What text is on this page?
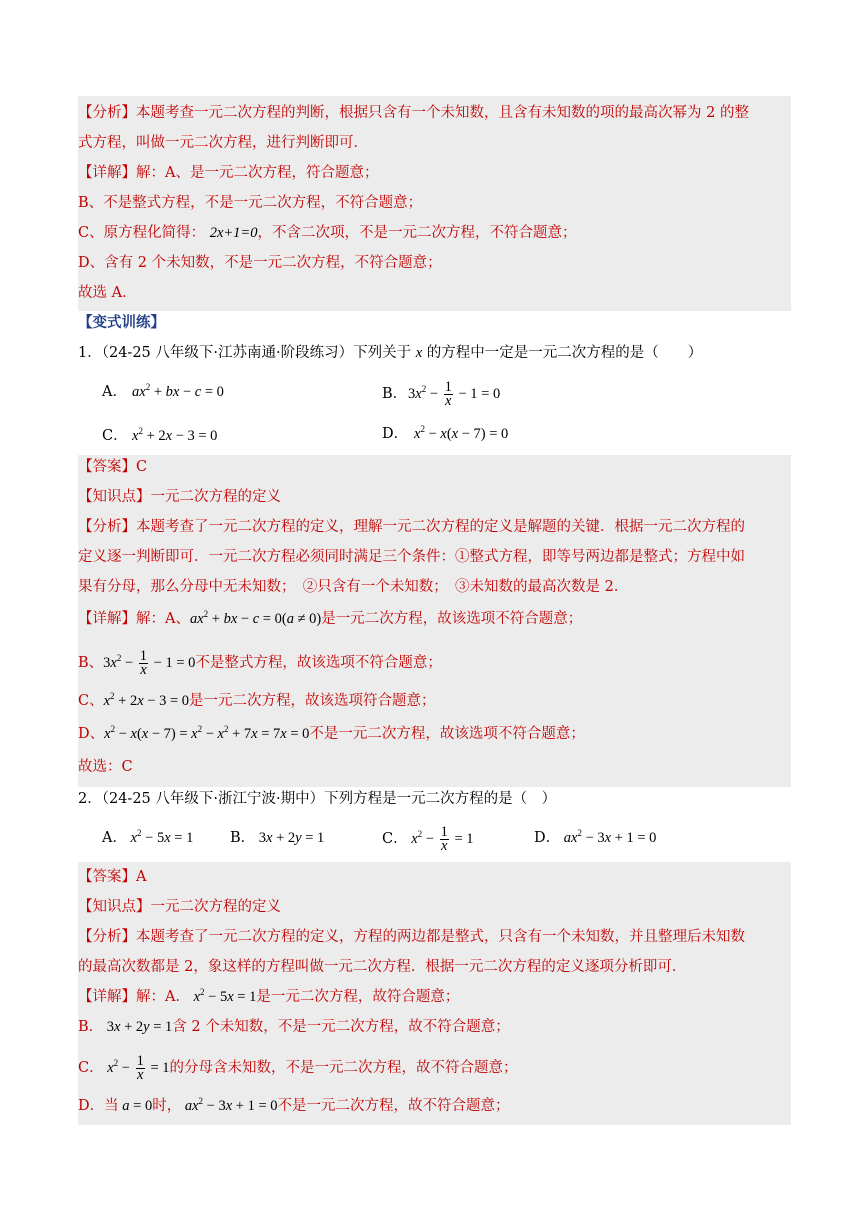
【分析】本题考查一元二次方程的判断，根据只含有一个未知数，且含有未知数的项的最高次幂为 2 的整
式方程，叫做一元二次方程，进行判断即可．
【详解】解：A、是一元二次方程，符合题意；
B、不是整式方程，不是一元二次方程，不符合题意；
C、原方程化简得： 2x+1=0，不含二次项，不是一元二次方程，不符合题意；
D、含有 2 个未知数，不是一元二次方程，不符合题意；
故选 A．
【变式训练】
1．（24-25 八年级下·江苏南通·阶段练习）下列关于 x 的方程中一定是一元二次方程的是（　　）
A． $ax^2$ + bx − c = 0	B．$3x^2 - \frac{1}{x} - 1 = 0$
C． $x^2 + 2x - 3 = 0$	D． $x^2 - x(x - 7) = 0$
【答案】C
【知识点】一元二次方程的定义
【分析】本题考查了一元二次方程的定义，理解一元二次方程的定义是解题的关键．根据一元二次方程的
定义逐一判断即可．一元二次方程必须同时满足三个条件：①整式方程，即等号两边都是整式；方程中如
果有分母，那么分母中无未知数；　②只含有一个未知数；　③未知数的最高次数是 2．
【详解】解：A、$ax^2$ + bx − c = 0(a ≠ 0)是一元二次方程，故该选项不符合题意；
B、$3x^2 - \frac{1}{x} - 1 = 0$不是整式方程，故该选项不符合题意；
C、$x^2 + 2x - 3 = 0$是一元二次方程，故该选项符合题意；
D、$x^2 - x(x - 7) = x^2 - x^2 + 7x = 7x = 0$不是一元二次方程，故该选项不符合题意；
故选：C
2．（24-25 八年级下·浙江宁波·期中）下列方程是一元二次方程的是（　）
A． $x^2 - 5x = 1$	B． 3x + 2y = 1	C． $x^2 - \frac{1}{x} = 1$	D． $ax^2 - 3x + 1 = 0$
【答案】A
【知识点】一元二次方程的定义
【分析】本题考查了一元二次方程的定义，方程的两边都是整式，只含有一个未知数，并且整理后未知数
的最高次数都是 2，象这样的方程叫做一元二次方程．根据一元二次方程的定义逐项分析即可．
【详解】解：A． $x^2 - 5x = 1$是一元二次方程，故符合题意；
B． 3x + 2y = 1含 2 个未知数，不是一元二次方程，故不符合题意；
C． $x^2 - \frac{1}{x} = 1$的分母含未知数，不是一元二次方程，故不符合题意；
D．当 a = 0时， $ax^2 - 3x + 1 = 0$不是一元二次方程，故不符合题意；
